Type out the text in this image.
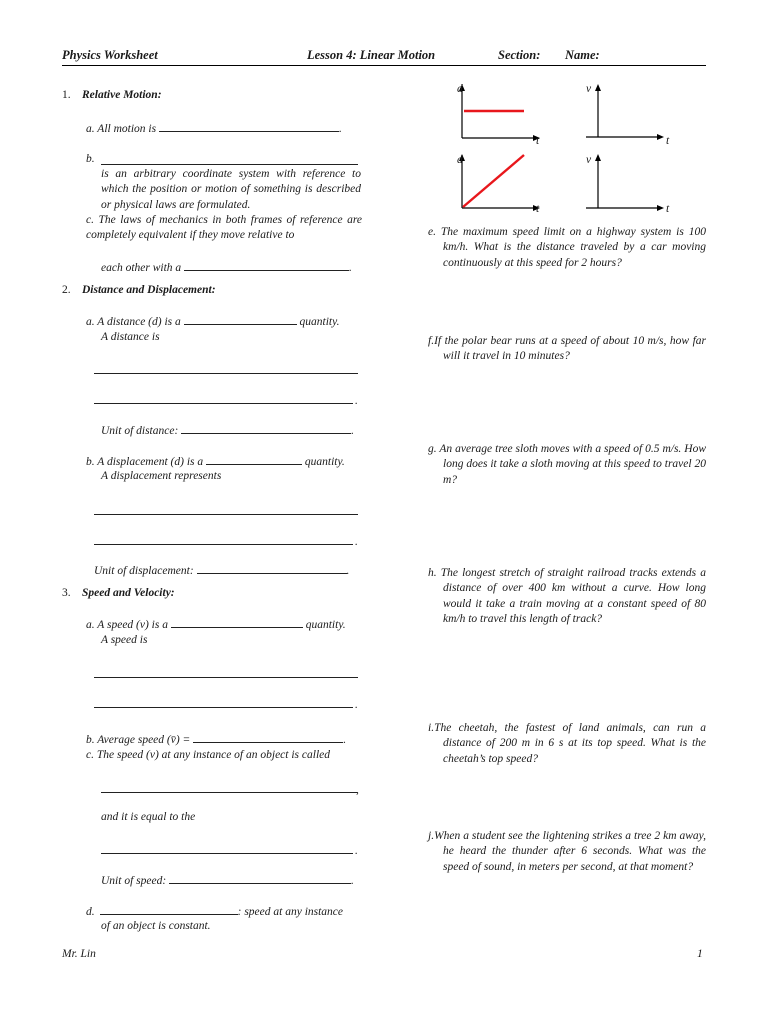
Physics Worksheet	Lesson 4: Linear Motion	Section: Name:
1. Relative Motion:
a. All motion is	.
b.
is an arbitrary coordinate system with reference to which the position or motion of something is described or physical laws are formulated.
c. The laws of mechanics in both frames of reference are completely equivalent if they move relative to
each other with a	.
2. Distance and Displacement:
a. A distance (d) is a	quantity.
A distance is
.
Unit of distance:	.
b. A displacement (d) is a	quantity.
A displacement represents
.
Unit of displacement:	.
3. Speed and Velocity:
a. A speed (v) is a	quantity.
A speed is
.
b. Average speed (v̄) =	.
c. The speed (v) at any instance of an object is called
,
and it is equal to the
.
Unit of speed:	.
d.	: speed at any instance
of an object is constant.
d
t
v
t
d
t
v
t
e. The maximum speed limit on a highway system is 100 km/h. What is the distance traveled by a car moving continuously at this speed for 2 hours?
f.If the polar bear runs at a speed of about 10 m/s, how far will it travel in 10 minutes?
g. An average tree sloth moves with a speed of 0.5 m/s. How long does it take a sloth moving at this speed to travel 20 m?
h. The longest stretch of straight railroad tracks extends a distance of over 400 km without a curve. How long would it take a train moving at a constant speed of 80 km/h to travel this length of track?
i.The cheetah, the fastest of land animals, can run a distance of 200 m in 6 s at its top speed. What is the cheetah’s top speed?
j.When a student see the lightening strikes a tree 2 km away, he heard the thunder after 6 seconds. What was the speed of sound, in meters per second, at that moment?
Mr. Lin	1
